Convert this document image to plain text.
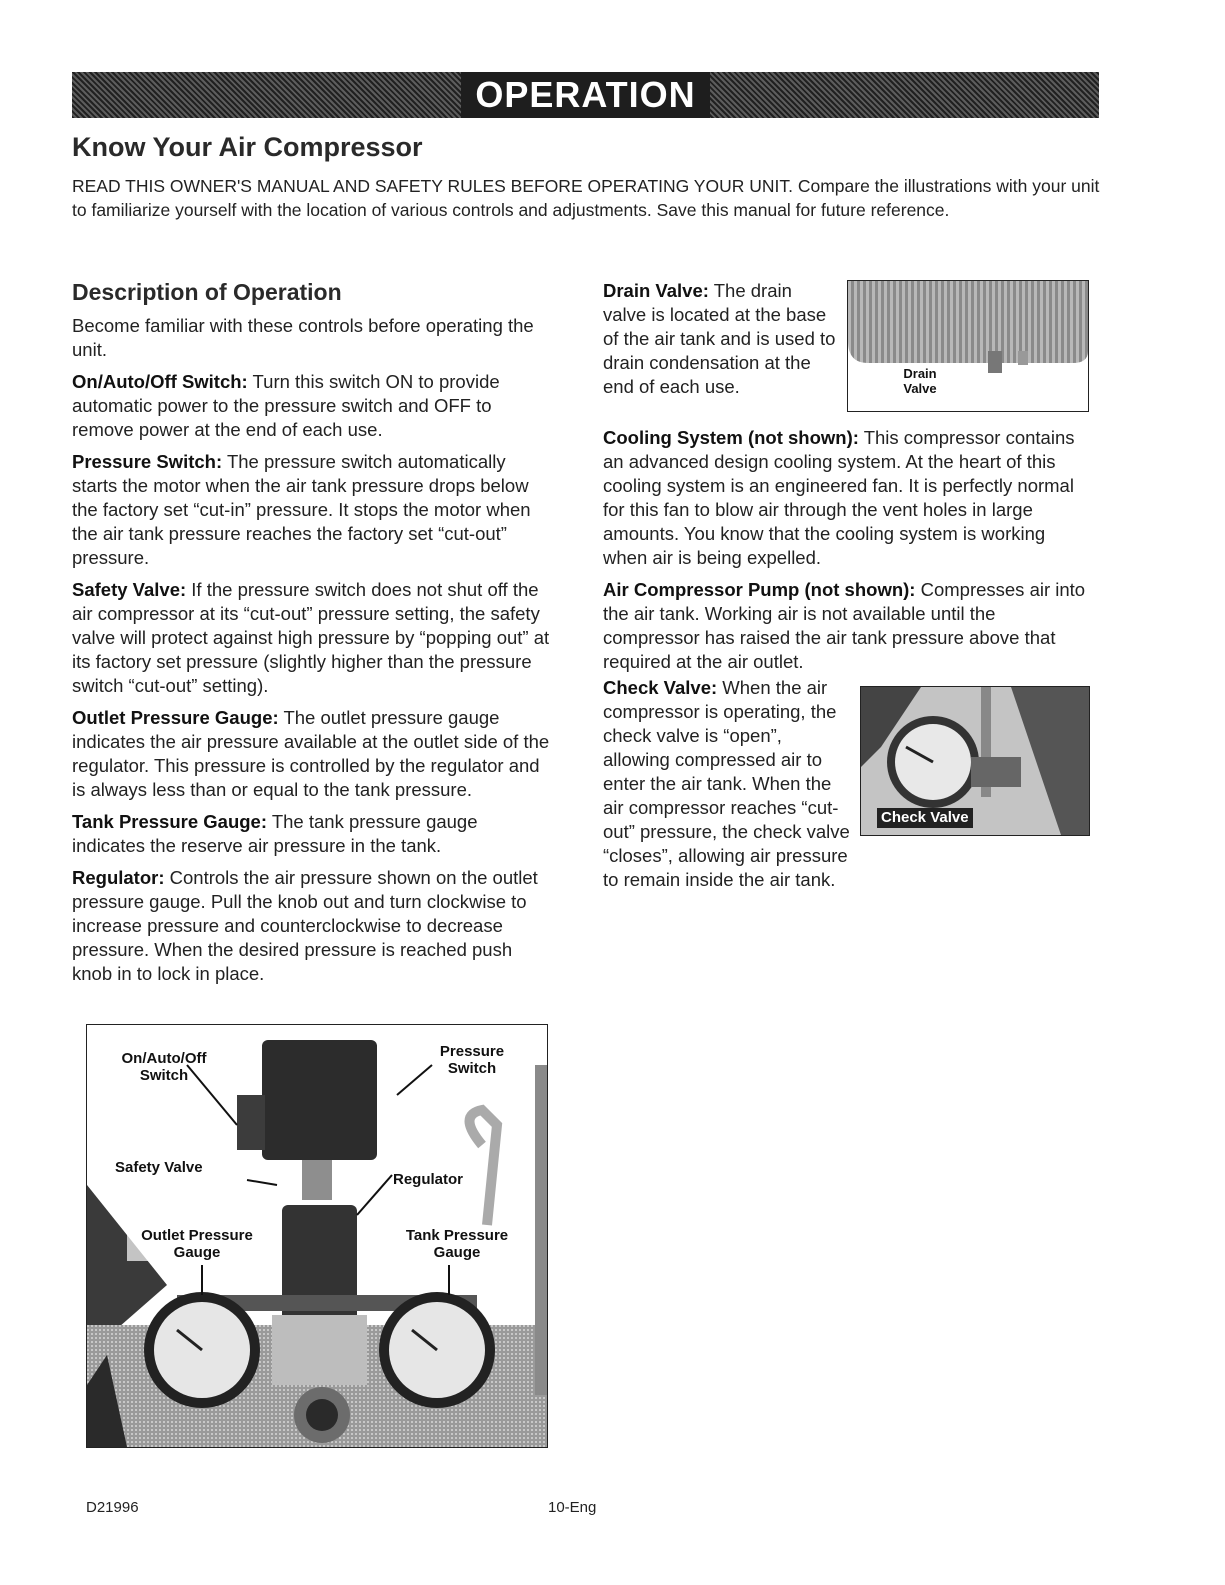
OPERATION
Know Your Air Compressor
READ THIS OWNER'S MANUAL AND SAFETY RULES BEFORE OPERATING YOUR UNIT. Compare the illustrations with your unit to familiarize yourself with the location of various controls and adjustments. Save this manual for future reference.
Description of Operation

Become familiar with these controls before operating the unit.

On/Auto/Off Switch: Turn this switch ON to provide automatic power to the pressure switch and OFF to remove power at the end of each use.

Pressure Switch: The pressure switch automatically starts the motor when the air tank pressure drops below the factory set “cut-in” pressure. It stops the motor when the air tank pressure reaches the factory set “cut-out” pressure.

Safety Valve: If the pressure switch does not shut off the air compressor at its “cut-out” pressure setting, the safety valve will protect against high pressure by “popping out” at its factory set pressure (slightly higher than the pressure switch “cut-out” setting).

Outlet Pressure Gauge: The outlet pressure gauge indicates the air pressure available at the outlet side of the regulator. This pressure is controlled by the regulator and is always less than or equal to the tank pressure.

Tank Pressure Gauge: The tank pressure gauge indicates the reserve air pressure in the tank.

Regulator: Controls the air pressure shown on the outlet pressure gauge. Pull the knob out and turn clockwise to increase pressure and counterclockwise to decrease pressure. When the desired pressure is reached push knob in to lock in place.

Drain Valve: The drain valve is located at the base of the air tank and is used to drain condensation at the end of each use.

Cooling System (not shown): This compressor contains an advanced design cooling system. At the heart of this cooling system is an engineered fan. It is perfectly normal for this fan to blow air through the vent holes in large amounts. You know that the cooling system is working when air is being expelled.

Air Compressor Pump (not shown): Compresses air into the air tank. Working air is not available until the compressor has raised the air tank pressure above that required at the air outlet.

Check Valve: When the air compressor is operating, the check valve is “open”, allowing compressed air to enter the air tank. When the air compressor reaches “cut-out” pressure, the check valve “closes”, allowing air pressure to remain inside the air tank.

Drain Valve
Check Valve
On/Auto/Off Switch
Pressure Switch
Safety Valve
Regulator
Outlet Pressure Gauge
Tank Pressure Gauge
D21996	10-Eng
